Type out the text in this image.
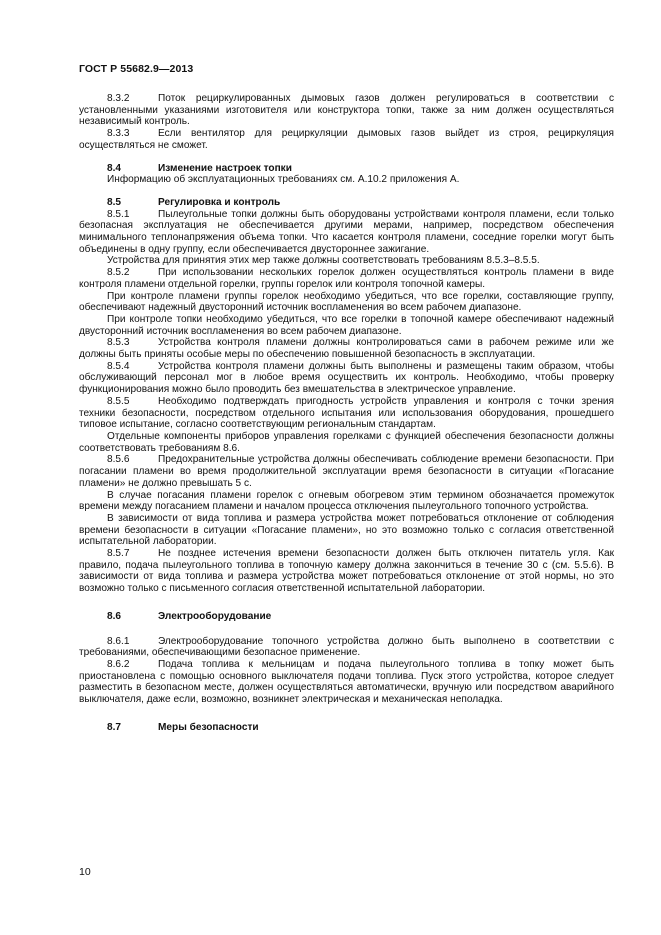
ГОСТ Р 55682.9—2013

8.3.2	Поток рециркулированных дымовых газов должен регулироваться в соответствии с установленными указаниями изготовителя или конструктора топки, также за ним должен осуществляться независимый контроль.

8.3.3	Если вентилятор для рециркуляции дымовых газов выйдет из строя, рециркуляция осуществляться не сможет.

8.4	Изменение настроек топки

Информацию об эксплуатационных требованиях см. А.10.2 приложения А.

8.5	Регулировка и контроль

8.5.1	Пылеугольные топки должны быть оборудованы устройствами контроля пламени, если только безопасная эксплуатация не обеспечивается другими мерами, например, посредством обеспечения минимального теплонапряжения объема топки. Что касается контроля пламени, соседние горелки могут быть объединены в одну группу, если обеспечивается двустороннее зажигание.

Устройства для принятия этих мер также должны соответствовать требованиям 8.5.3–8.5.5.

8.5.2	При использовании нескольких горелок должен осуществляться контроль пламени в виде контроля пламени отдельной горелки, группы горелок или контроля топочной камеры.

При контроле пламени группы горелок необходимо убедиться, что все горелки, составляющие группу, обеспечивают надежный двусторонний источник воспламенения во всем рабочем диапазоне.

При контроле топки необходимо убедиться, что все горелки в топочной камере обеспечивают надежный двусторонний источник воспламенения во всем рабочем диапазоне.

8.5.3	Устройства контроля пламени должны контролироваться сами в рабочем режиме или же должны быть приняты особые меры по обеспечению повышенной безопасность в эксплуатации.

8.5.4	Устройства контроля пламени должны быть выполнены и размещены таким образом, чтобы обслуживающий персонал мог в любое время осуществить их контроль. Необходимо, чтобы проверку функционирования можно было проводить без вмешательства в электрическое управление.

8.5.5	Необходимо подтверждать пригодность устройств управления и контроля с точки зрения техники безопасности, посредством отдельного испытания или использования оборудования, прошедшего типовое испытание, согласно соответствующим региональным стандартам.

Отдельные компоненты приборов управления горелками с функцией обеспечения безопасности должны соответствовать требованиям 8.6.

8.5.6	Предохранительные устройства должны обеспечивать соблюдение времени безопасности. При погасании пламени во время продолжительной эксплуатации время безопасности в ситуации «Погасание пламени» не должно превышать 5 с.

В случае погасания пламени горелок с огневым обогревом этим термином обозначается промежуток времени между погасанием пламени и началом процесса отключения пылеугольного топочного устройства.

В зависимости от вида топлива и размера устройства может потребоваться отклонение от соблюдения времени безопасности в ситуации «Погасание пламени», но это возможно только с согласия ответственной испытательной лаборатории.

8.5.7	Не позднее истечения времени безопасности должен быть отключен питатель угля. Как правило, подача пылеугольного топлива в топочную камеру должна закончиться в течение 30 с (см. 5.5.6). В зависимости от вида топлива и размера устройства может потребоваться отклонение от этой нормы, но это возможно только с письменного согласия ответственной испытательной лаборатории.

8.6	Электрооборудование

8.6.1	Электрооборудование топочного устройства должно быть выполнено в соответствии с требованиями, обеспечивающими безопасное применение.

8.6.2	Подача топлива к мельницам и подача пылеугольного топлива в топку может быть приостановлена с помощью основного выключателя подачи топлива. Пуск этого устройства, которое следует разместить в безопасном месте, должен осуществляться автоматически, вручную или посредством аварийного выключателя, даже если, возможно, возникнет электрическая и механическая неполадка.

8.7	Меры безопасности

10
